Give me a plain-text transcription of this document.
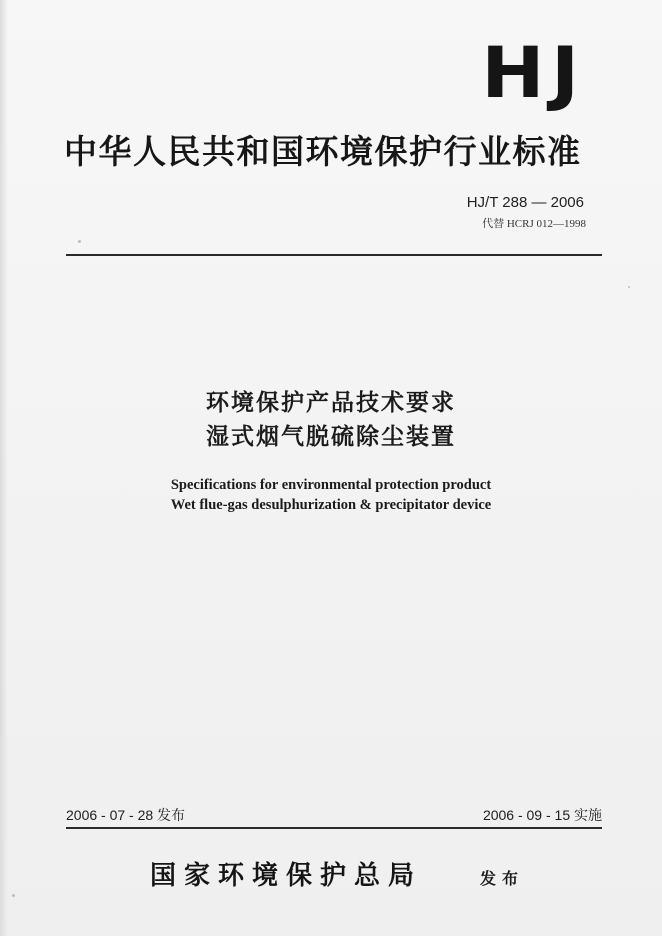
HJ
中华人民共和国环境保护行业标准
HJ/T 288 — 2006
代替 HCRJ 012—1998
环境保护产品技术要求
湿式烟气脱硫除尘装置
Specifications for environmental protection product
Wet flue-gas desulphurization & precipitator device
2006 - 07 - 28 发布	2006 - 09 - 15 实施
国家环境保护总局	发布
